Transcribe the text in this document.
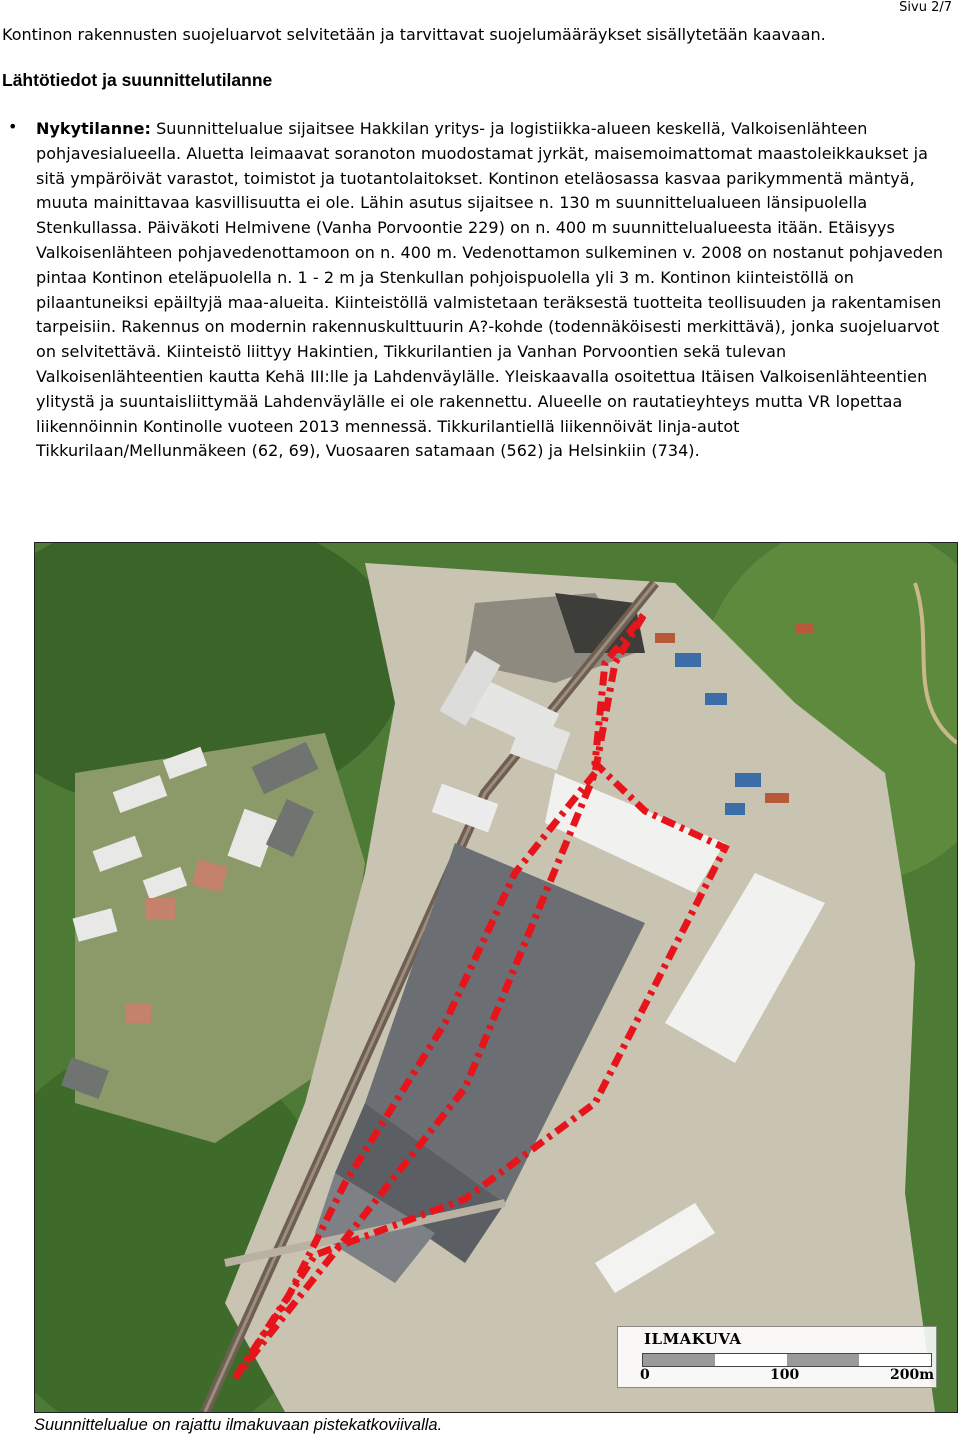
Sivu 2/7
Kontinon rakennusten suojeluarvot selvitetään ja tarvittavat suojelumääräykset sisällytetään kaavaan.
Lähtötiedot ja suunnittelutilanne
• Nykytilanne: Suunnittelualue sijaitsee Hakkilan yritys- ja logistiikka-alueen keskellä, Valkoisenlähteen pohjavesialueella. Aluetta leimaavat soranoton muodostamat jyrkät, maisemoimattomat maastoleikkaukset ja sitä ympäröivät varastot, toimistot ja tuotantolaitokset. Kontinon eteläosassa kasvaa parikymmentä mäntyä, muuta mainittavaa kasvillisuutta ei ole. Lähin asutus sijaitsee n. 130 m suunnittelualueen länsipuolella Stenkullassa. Päiväkoti Helmivene (Vanha Porvoontie 229) on n. 400 m suunnittelualueesta itään. Etäisyys Valkoisenlähteen pohjavedenottamoon on n. 400 m. Vedenottamon sulkeminen v. 2008 on nostanut pohjaveden pintaa Kontinon eteläpuolella n. 1 - 2 m ja Stenkullan pohjoispuolella yli 3 m. Kontinon kiinteistöllä on pilaantuneiksi epäiltyjä maa-alueita. Kiinteistöllä valmistetaan teräksestä tuotteita teollisuuden ja rakentamisen tarpeisiin. Rakennus on modernin rakennuskulttuurin A?-kohde (todennäköisesti merkittävä), jonka suojeluarvot on selvitettävä. Kiinteistö liittyy Hakintien, Tikkurilantien ja Vanhan Porvoontien sekä tulevan Valkoisenlähteentien kautta Kehä III:lle ja Lahdenväylälle. Yleiskaavalla osoitettua Itäisen Valkoisenlähteentien ylitystä ja suuntaisliittymää Lahdenväylälle ei ole rakennettu. Alueelle on rautatieyhteys mutta VR lopettaa liikennöinnin Kontinolle vuoteen 2013 mennessä. Tikkurilantiellä liikennöivät linja-autot Tikkurilaan/Mellunmäkeen (62, 69), Vuosaaren satamaan (562) ja Helsinkiin (734).
ILMAKUVA
0	100	200m
Suunnittelualue on rajattu ilmakuvaan pistekatkoviivalla.
